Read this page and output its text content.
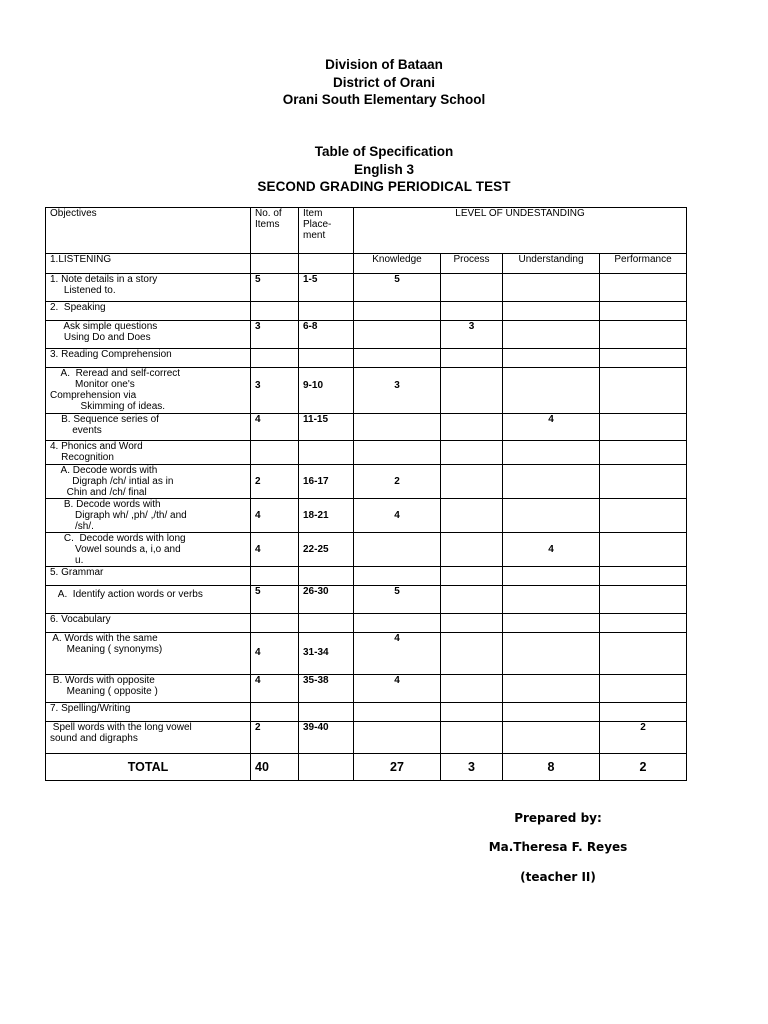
Division of Bataan
District of Orani
Orani South Elementary School
Table of Specification
English 3
SECOND GRADING PERIODICAL TEST
Objectives	No. of Items	Item Place-ment	LEVEL OF UNDESTANDING			
1.LISTENING			Knowledge	Process	Understanding	Performance
1. Note details in a story
Listened to.	5	1-5	5			
2.  Speaking						
Ask simple questions
Using Do and Does	3	6-8		3		
3. Reading Comprehension						
A.  Reread and self-correct
Monitor one's
Comprehension via
Skimming of ideas.	3	9-10	3			
B. Sequence series of
events	4	11-15			4	
4. Phonics and Word
Recognition						
A. Decode words with
Digraph /ch/ intial as in
Chin and /ch/ final	2	16-17	2			
B. Decode words with
Digraph wh/ ,ph/ ,/th/ and
/sh/.	4	18-21	4			
C.  Decode words with long
Vowel sounds a, i,o and
u.	4	22-25			4	
5. Grammar						
A.  Identify action words or verbs	5	26-30	5			
6. Vocabulary						
A. Words with the same
Meaning ( synonyms)	4	31-34	4			
B. Words with opposite
Meaning ( opposite )	4	35-38	4			
7. Spelling/Writing						
Spell words with the long vowel
sound and digraphs	2	39-40				2
TOTAL	40		27	3	8	2
Prepared by:
Ma.Theresa F. Reyes
(teacher II)
